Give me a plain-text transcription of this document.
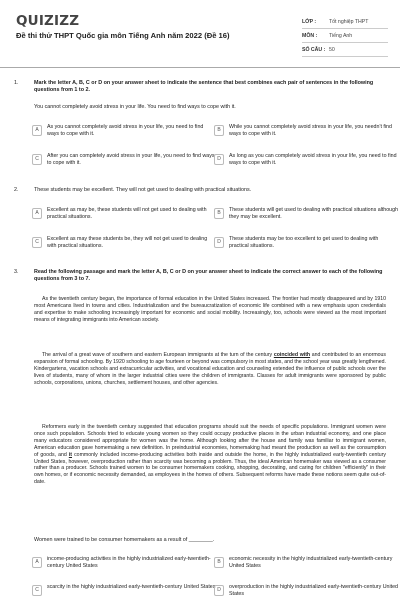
QUIZIZZ
Đề thi thử THPT Quốc gia môn Tiếng Anh năm 2022 (Đề 16)
LỚP :	Tốt nghiệp THPT
MÔN :	Tiếng Anh
SỐ CÂU : 50
1.	Mark the letter A, B, C or D on your answer sheet to indicate the sentence that best combines each pair of sentences in the following questions from 1 to 2.
You cannot completely avoid stress in your life. You need to find ways to cope with it.
A	As you cannot completely avoid stress in your life, you need to find ways to cope with it.
B	While you cannot completely avoid stress in your life, you needn't find ways to cope with it.
C	After you can completely avoid stress in your life, you need to find ways to cope with it.
D	As long as you can completely avoid stress in your life, you need to find ways to cope with it.
2.	These students may be excellent. They will not get used to dealing with practical situations.
A	Excellent as may be, these students will not get used to dealing with practical situations.
B	These students will get used to dealing with practical situations although they may be excellent.
C	Excellent as may these students be, they will not get used to dealing with practical situations.
D	These students may be too excellent to get used to dealing with practical situations.
3.	Read the following passage and mark the letter A, B, C or D on your answer sheet to indicate the correct answer to each of the following questions from 3 to 7.
As the twentieth century began, the importance of formal education in the United States increased. The frontier had mostly disappeared and by 1910 most Americans lived in towns and cities. Industrialization and the bureaucratization of economic life combined with a new emphasis upon credentials and expertise to make schooling increasingly important for economic and social mobility. Increasingly, too, schools were viewed as the most important means of integrating immigrants into American society.
The arrival of a great wave of southern and eastern European immigrants at the turn of the century coincided with and contributed to an enormous expansion of formal schooling. By 1920 schooling to age fourteen or beyond was compulsory in most states, and the school year was greatly lengthened. Kindergartens, vacation schools and extracurricular activities, and vocational education and counseling extended the influence of public schools over the lives of students, many of whom in the larger industrial cities were the children of immigrants. Classes for adult immigrants were sponsored by public schools, corporations, unions, churches, settlement houses, and other agencies.
Reformers early in the twentieth century suggested that education programs should suit the needs of specific populations. Immigrant women were once such population. Schools tried to educate young women so they could occupy productive places in the urban industrial economy, and one place many educators considered appropriate for women was the home. Although looking after the house and family was familiar to immigrant women, American education gave homemaking a new definition. In preindustrial economies, homemaking had meant the production as well as the consumption of goods, and it commonly included income-producing activities both inside and outside the home, in the highly industrialized early-twentieth century United States, however, overproduction rather than scarcity was becoming a problem. Thus, the ideal American homemaker was viewed as a consumer rather than a producer. Schools trained women to be consumer homemakers cooking, shopping, decorating, and caring for children "efficiently" in their own homes, or if economic necessity demanded, as employees in the homes of others. Subsequent reforms have made these notions seem quite out-of-date.
Women were trained to be consumer homemakers as a result of ________.
A	income-producing activities in the highly industrialized early-twentieth-century United States
B	economic necessity in the highly industrialized early-twentieth-century United States
C	scarcity in the highly industrialized early-twentieth-century United States D	overproduction in the highly industrialized early-twentieth-century United States
